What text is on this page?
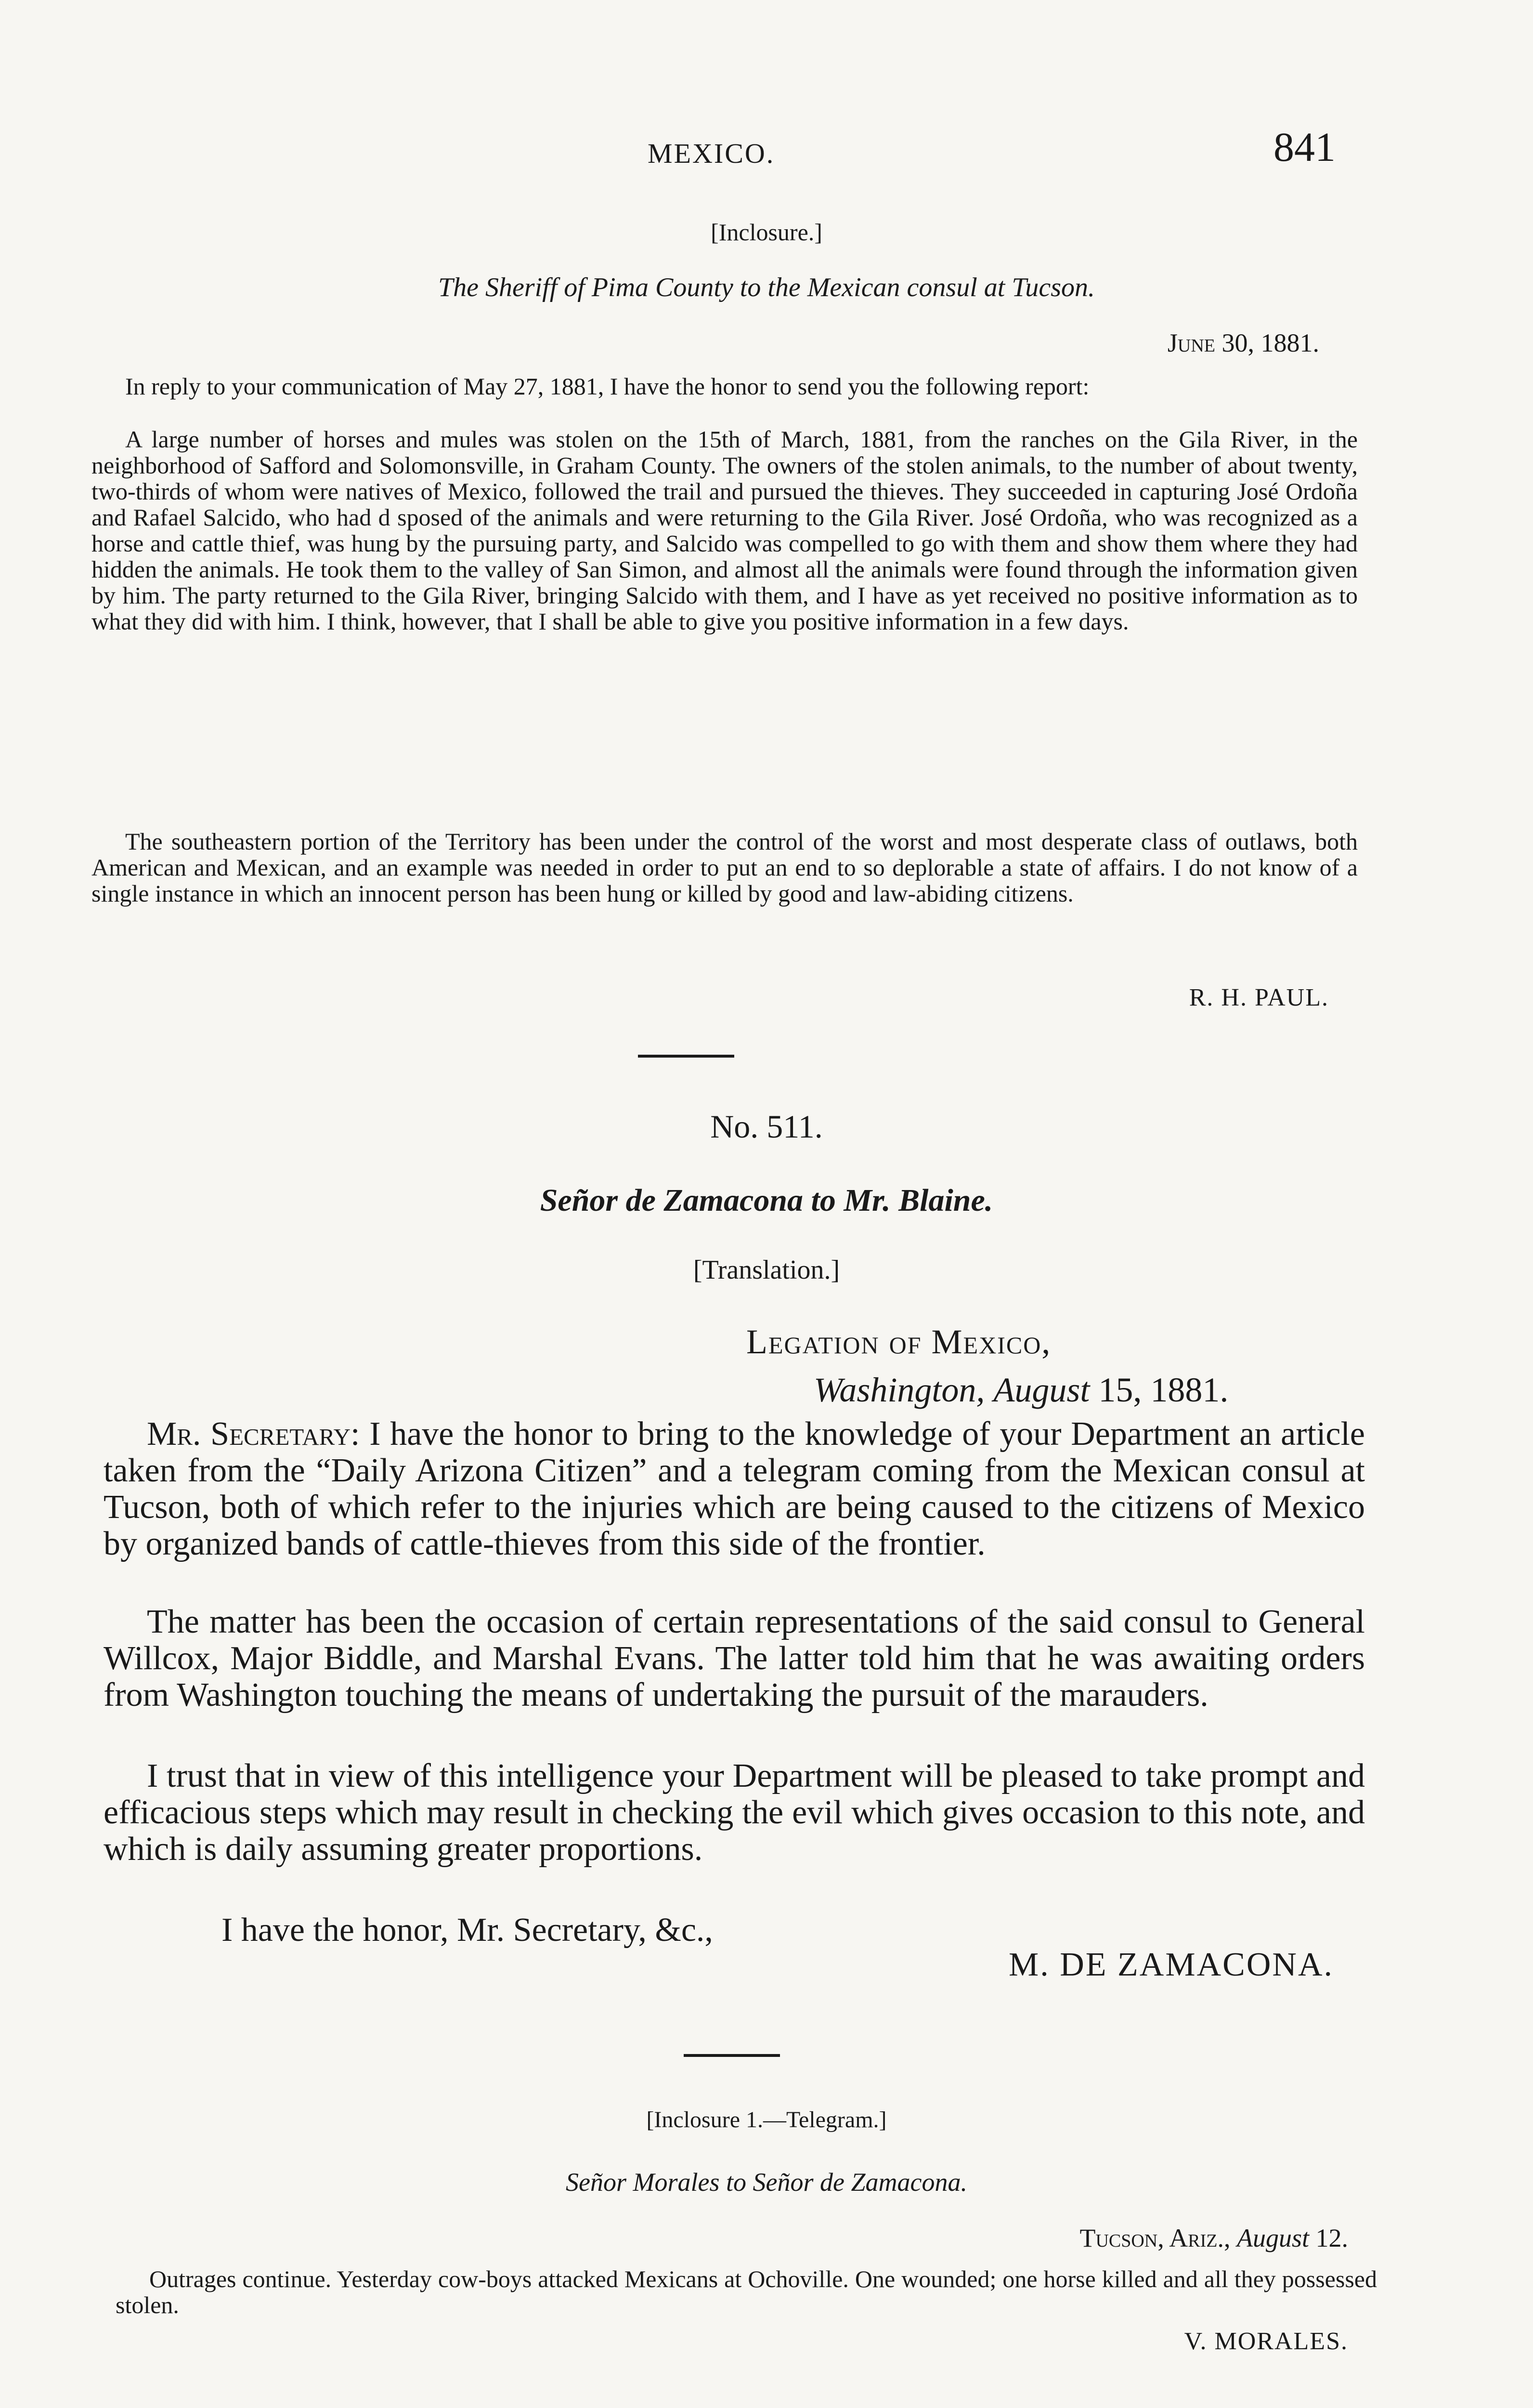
MEXICO.	841
[Inclosure.]
The Sheriff of Pima County to the Mexican consul at Tucson.
June 30, 1881.

In reply to your communication of May 27, 1881, I have the honor to send you the following report:

A large number of horses and mules was stolen on the 15th of March, 1881, from the ranches on the Gila River, in the neighborhood of Safford and Solomonsville, in Graham County. The owners of the stolen animals, to the number of about twenty, two-thirds of whom were natives of Mexico, followed the trail and pursued the thieves. They succeeded in capturing José Ordoña and Rafael Salcido, who had d sposed of the animals and were returning to the Gila River. José Ordoña, who was recognized as a horse and cattle thief, was hung by the pursuing party, and Salcido was compelled to go with them and show them where they had hidden the animals. He took them to the valley of San Simon, and almost all the animals were found through the information given by him. The party returned to the Gila River, bringing Salcido with them, and I have as yet received no positive information as to what they did with him. I think, however, that I shall be able to give you positive information in a few days.

The southeastern portion of the Territory has been under the control of the worst and most desperate class of outlaws, both American and Mexican, and an example was needed in order to put an end to so deplorable a state of affairs. I do not know of a single instance in which an innocent person has been hung or killed by good and law-abiding citizens.

R. H. PAUL.
No. 511.
Señor de Zamacona to Mr. Blaine.
[Translation.]
Legation of Mexico,
Washington, August 15, 1881.

Mr. Secretary: I have the honor to bring to the knowledge of your Department an article taken from the “Daily Arizona Citizen” and a telegram coming from the Mexican consul at Tucson, both of which refer to the injuries which are being caused to the citizens of Mexico by organized bands of cattle-thieves from this side of the frontier.

The matter has been the occasion of certain representations of the said consul to General Willcox, Major Biddle, and Marshal Evans. The latter told him that he was awaiting orders from Washington touching the means of undertaking the pursuit of the marauders.

I trust that in view of this intelligence your Department will be pleased to take prompt and efficacious steps which may result in checking the evil which gives occasion to this note, and which is daily assuming greater proportions.

I have the honor, Mr. Secretary, &c.,
M. DE ZAMACONA.
[Inclosure 1.—Telegram.]
Señor Morales to Señor de Zamacona.
Tucson, Ariz., August 12.

Outrages continue. Yesterday cow-boys attacked Mexicans at Ochoville. One wounded; one horse killed and all they possessed stolen.

V. MORALES.
